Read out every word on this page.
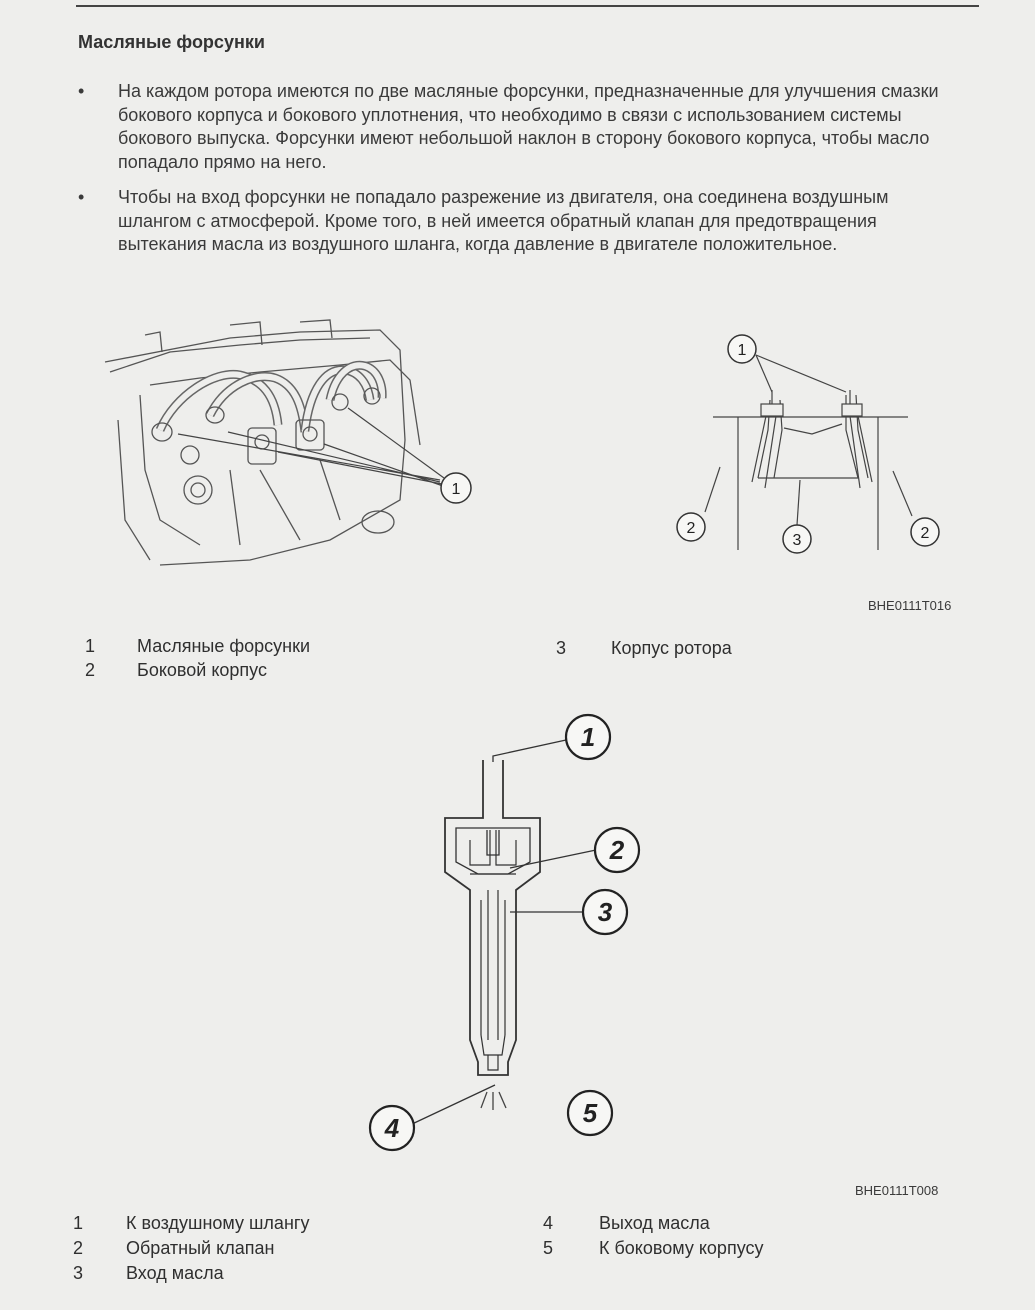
Масляные форсунки
• На каждом ротора имеются по две масляные форсунки, предназначенные для улучшения смазки бокового корпуса и бокового уплотнения, что необходимо в связи с использованием системы бокового выпуска. Форсунки имеют небольшой наклон в сторону бокового корпуса, чтобы масло попадало прямо на него.
• Чтобы на вход форсунки не попадало разрежение из двигателя, она соединена воздушным шлангом с атмосферой. Кроме того, в ней имеется обратный клапан для предотвращения вытекания масла из воздушного шланга, когда давление в двигателе положительное.
1
1
2
3	2
BHE0111T016
1 Масляные форсунки
2 Боковой корпус
3 Корпус ротора
1
2
3
4	5
BHE0111T008
1 К воздушному шлангу
2 Обратный клапан
3 Вход масла
4	Выход масла
5	К боковому корпусу
